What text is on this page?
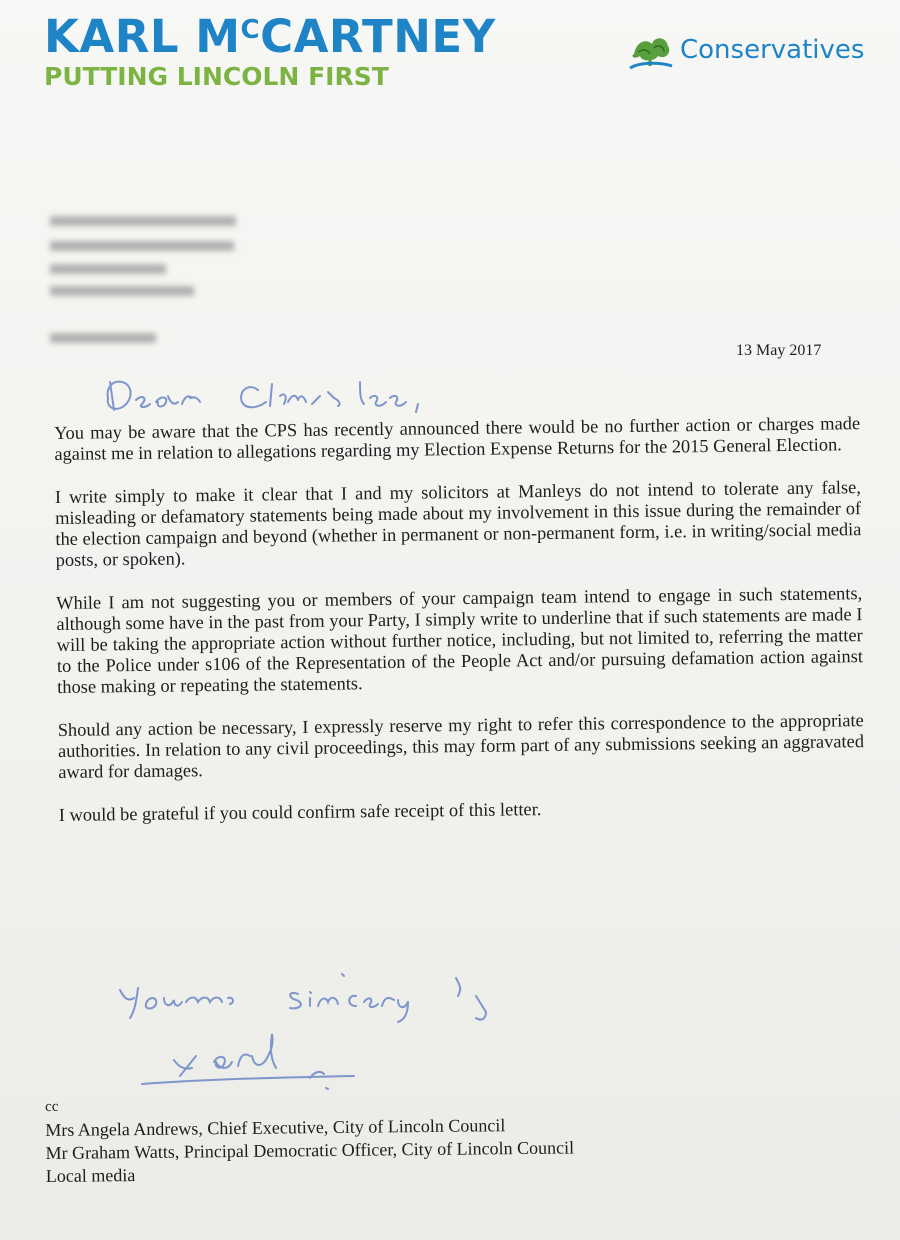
KARL $M^CCARTNEY$
PUTTING LINCOLN FIRST
Conservatives
13 May 2017

You may be aware that the CPS has recently announced there would be no further action or charges made against me in relation to allegations regarding my Election Expense Returns for the 2015 General Election.

I write simply to make it clear that I and my solicitors at Manleys do not intend to tolerate any false, misleading or defamatory statements being made about my involvement in this issue during the remainder of the election campaign and beyond (whether in permanent or non-permanent form, i.e. in writing/social media posts, or spoken).

While I am not suggesting you or members of your campaign team intend to engage in such statements, although some have in the past from your Party, I simply write to underline that if such statements are made I will be taking the appropriate action without further notice, including, but not limited to, referring the matter to the Police under s106 of the Representation of the People Act and/or pursuing defamation action against those making or repeating the statements.

Should any action be necessary, I expressly reserve my right to refer this correspondence to the appropriate authorities. In relation to any civil proceedings, this may form part of any submissions seeking an aggravated award for damages.

I would be grateful if you could confirm safe receipt of this letter.

cc
Mrs Angela Andrews, Chief Executive, City of Lincoln Council
Mr Graham Watts, Principal Democratic Officer, City of Lincoln Council
Local media
